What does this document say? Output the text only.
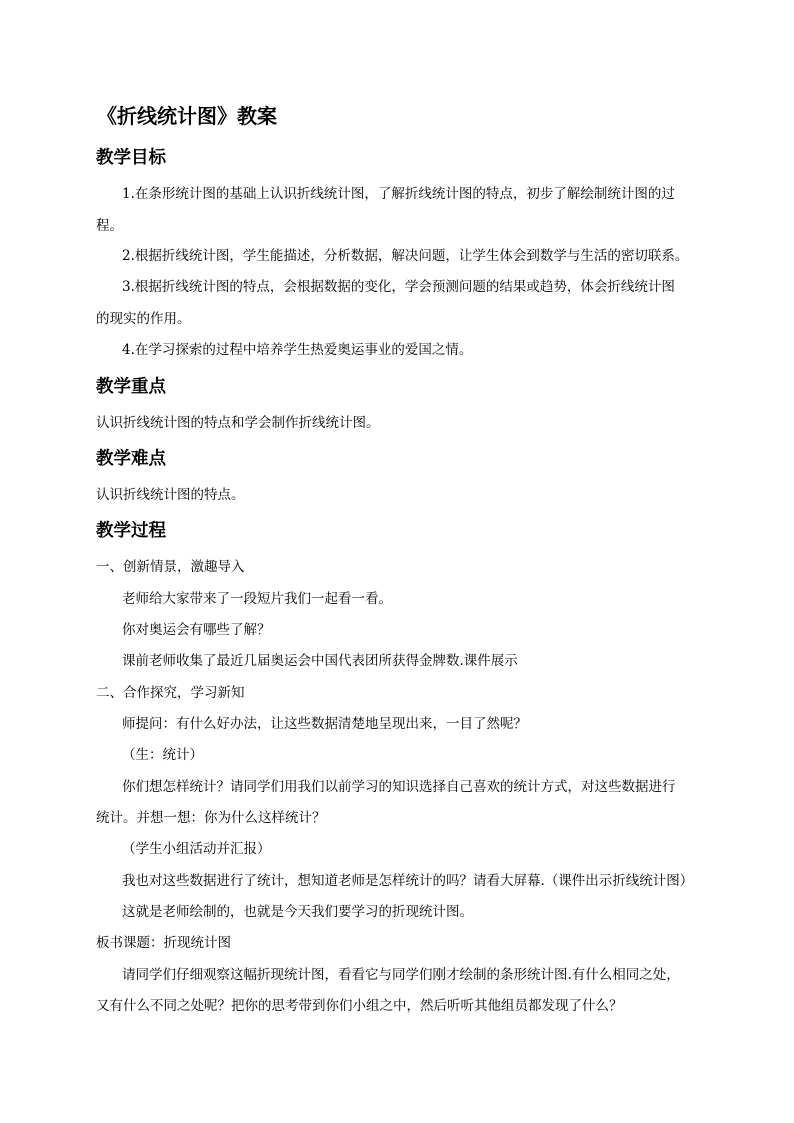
《折线统计图》教案
教学目标
1.在条形统计图的基础上认识折线统计图，了解折线统计图的特点，初步了解绘制统计图的过
程。
2.根据折线统计图，学生能描述，分析数据，解决问题，让学生体会到数学与生活的密切联系。
3.根据折线统计图的特点，会根据数据的变化，学会预测问题的结果或趋势，体会折线统计图
的现实的作用。
4.在学习探索的过程中培养学生热爱奥运事业的爱国之情。
教学重点
认识折线统计图的特点和学会制作折线统计图。
教学难点
认识折线统计图的特点。
教学过程
一、创新情景，激趣导入
老师给大家带来了一段短片我们一起看一看。
你对奥运会有哪些了解？
课前老师收集了最近几届奥运会中国代表团所获得金牌数.课件展示
二、合作探究，学习新知
师提问：有什么好办法，让这些数据清楚地呈现出来，一目了然呢？
（生：统计）
你们想怎样统计？请同学们用我们以前学习的知识选择自己喜欢的统计方式，对这些数据进行
统计。并想一想：你为什么这样统计？
（学生小组活动并汇报）
我也对这些数据进行了统计，想知道老师是怎样统计的吗？请看大屏幕.（课件出示折线统计图）
这就是老师绘制的，也就是今天我们要学习的折现统计图。
板书课题：折现统计图
请同学们仔细观察这幅折现统计图，看看它与同学们刚才绘制的条形统计图.有什么相同之处，
又有什么不同之处呢？把你的思考带到你们小组之中，然后听听其他组员都发现了什么？
